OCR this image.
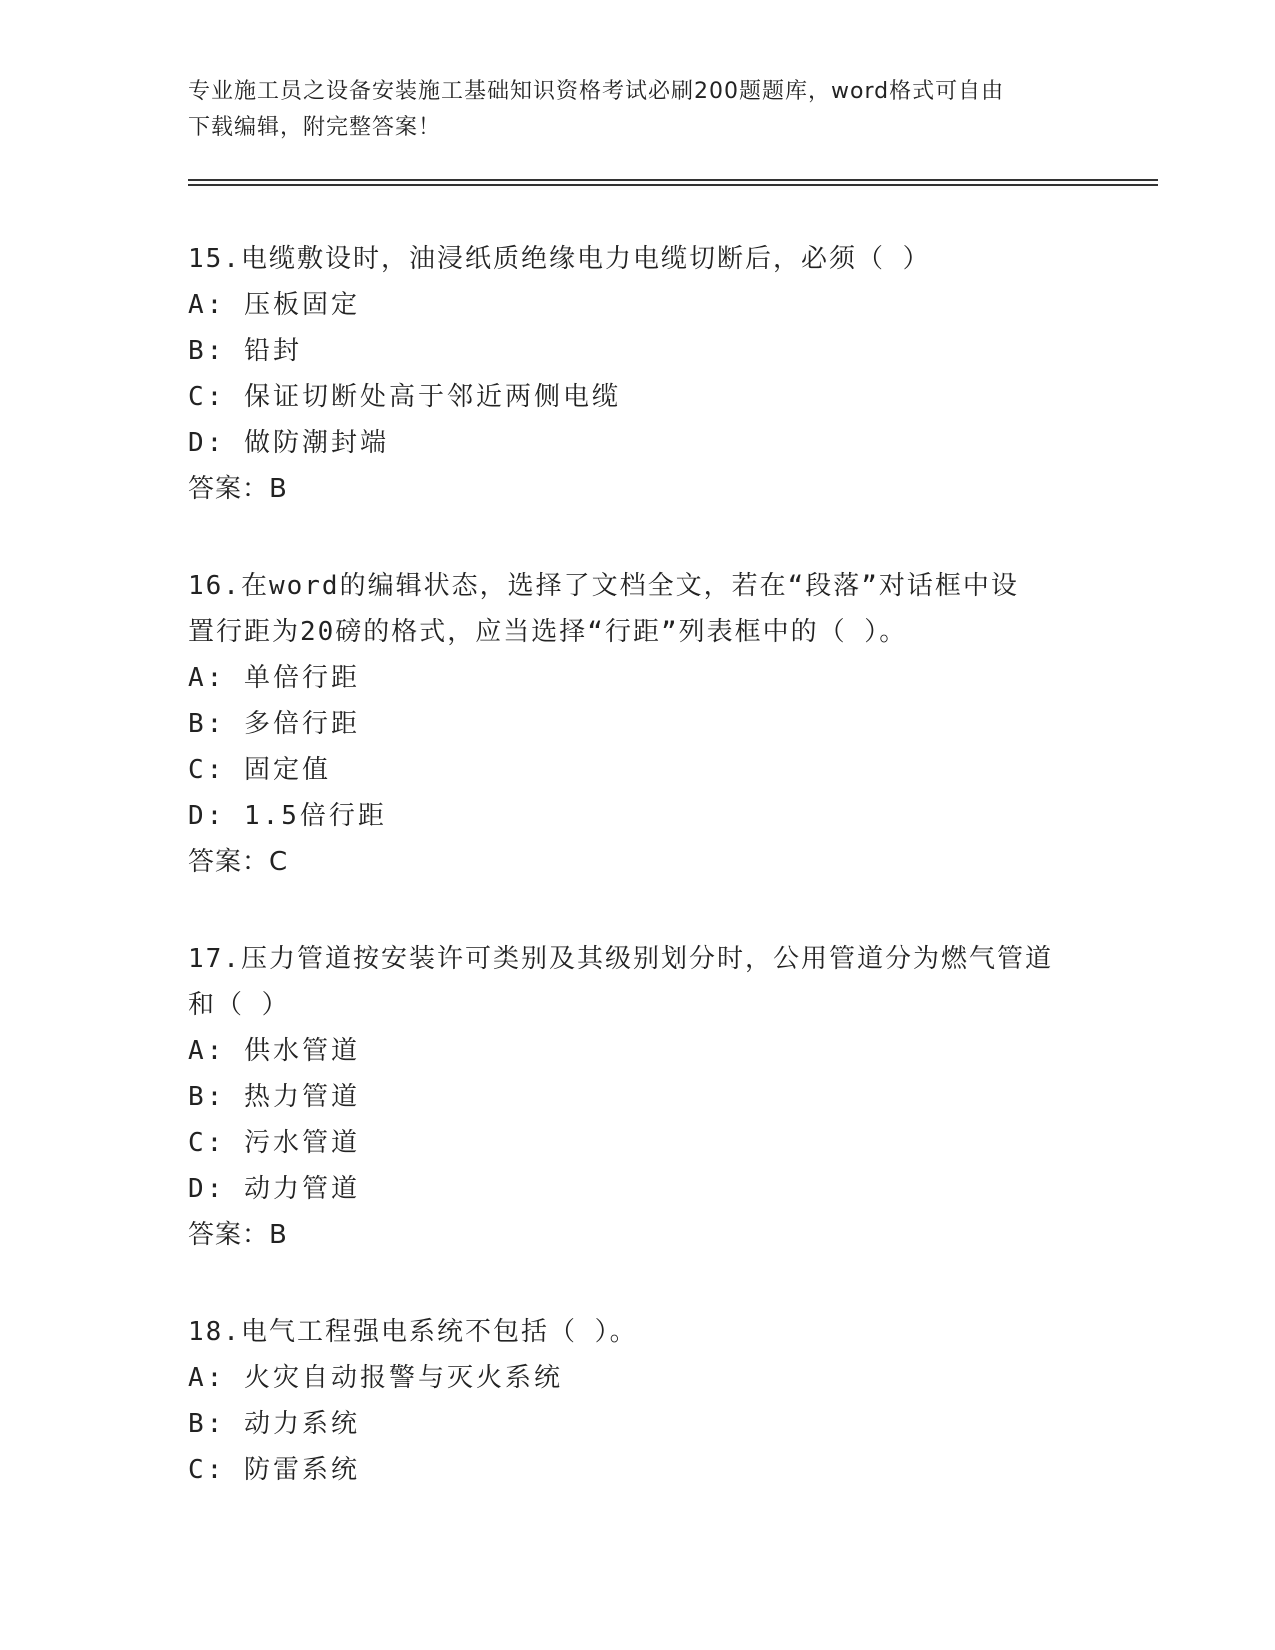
专业施工员之设备安装施工基础知识资格考试必刷200题题库，word格式可自由
下载编辑，附完整答案！
15.电缆敷设时，油浸纸质绝缘电力电缆切断后，必须（ ）
A: 压板固定
B: 铅封
C: 保证切断处高于邻近两侧电缆
D: 做防潮封端
答案：B
16.在word的编辑状态，选择了文档全文，若在“段落”对话框中设
置行距为20磅的格式，应当选择“行距”列表框中的（ ）。
A: 单倍行距
B: 多倍行距
C: 固定值
D: 1.5倍行距
答案：C
17.压力管道按安装许可类别及其级别划分时，公用管道分为燃气管道
和（ ）
A: 供水管道
B: 热力管道
C: 污水管道
D: 动力管道
答案：B
18.电气工程强电系统不包括（ ）。
A: 火灾自动报警与灭火系统
B: 动力系统
C: 防雷系统
